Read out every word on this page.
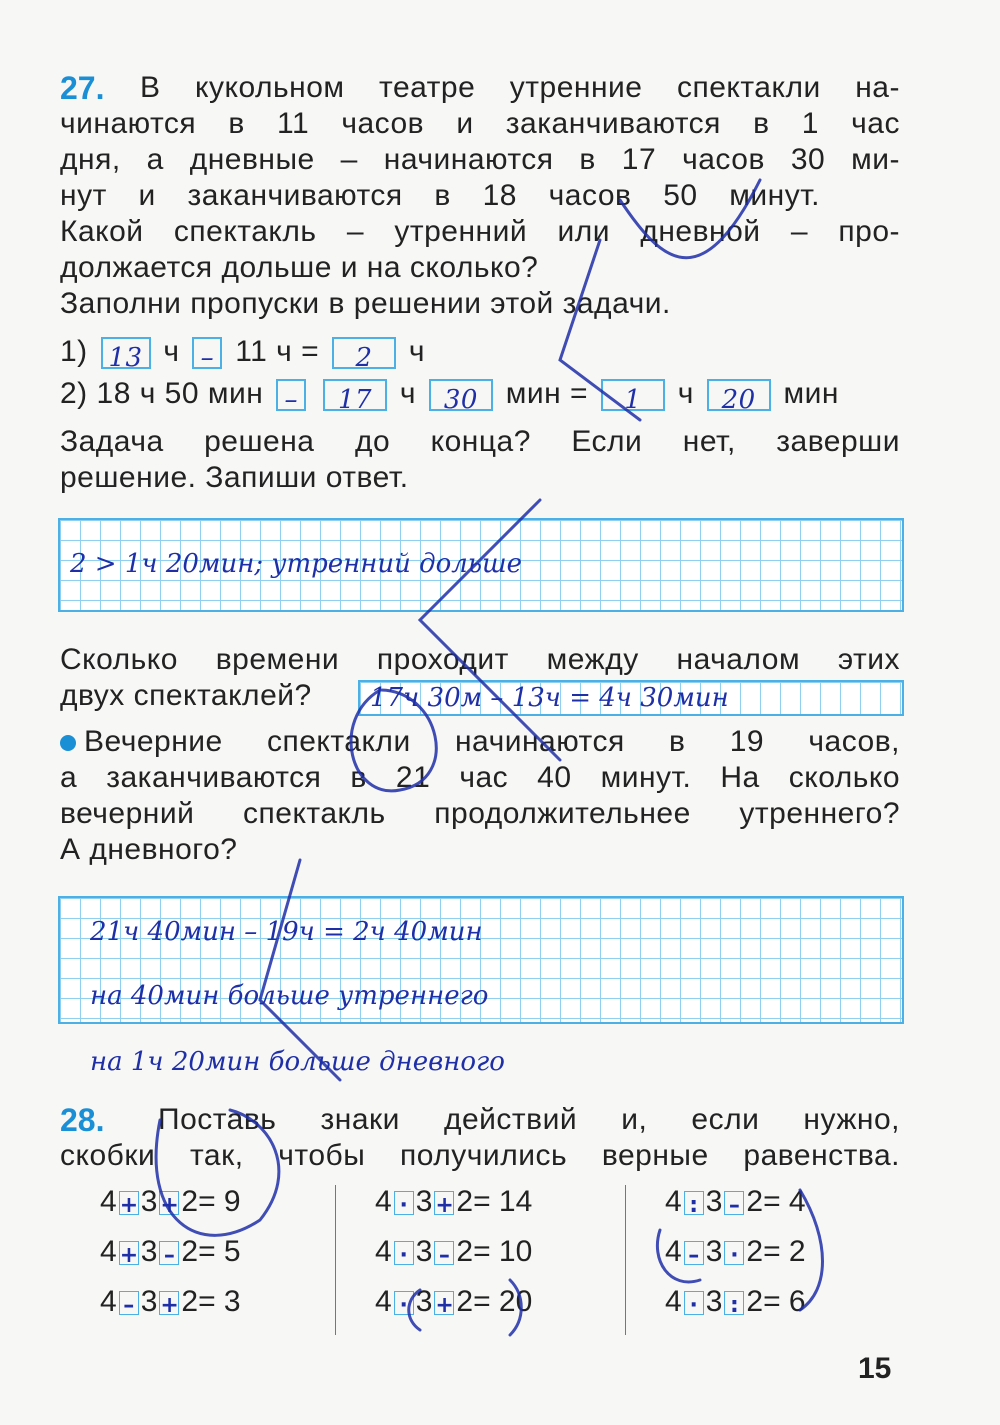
27. В кукольном театре утренние спектакли на-
чинаются в 11 часов и заканчиваются в 1 час
дня, а дневные – начинаются в 17 часов 30 ми-
нут и заканчиваются в 18 часов 50 минут.
Какой спектакль – утренний или дневной – про-
должается дольше и на сколько?
Заполни пропуски в решении этой задачи.
1) 13 ч – 11 ч = 2 ч
2) 18 ч 50 мин – 17 ч 30 мин = 1 ч 20 мин
Задача решена до конца? Если нет, заверши
решение. Запиши ответ.
2 > 1ч 20мин; утренний дольше
Сколько времени проходит между началом этих
двух спектаклей? 17ч 30м – 13ч = 4ч 30мин
Вечерние спектакли начинаются в 19 часов,
а заканчиваются в 21 час 40 минут. На сколько
вечерний спектакль продолжительнее утреннего?
А дневного?
21ч 40мин – 19ч = 2ч 40мин
на 40мин больше утреннего
на 1ч 20мин больше дневного
28. Поставь знаки действий и, если нужно,
скобки так, чтобы получились верные равенства.
4 + 3 + 2= 9
4 + 3 – 2= 5
4 – 3 + 2= 3
4 · 3 + 2= 14
4 · 3 – 2= 10
4 · 3 + 2= 20
4 : 3 – 2= 4
4 – 3 · 2= 2
4 · 3 : 2= 6
15
